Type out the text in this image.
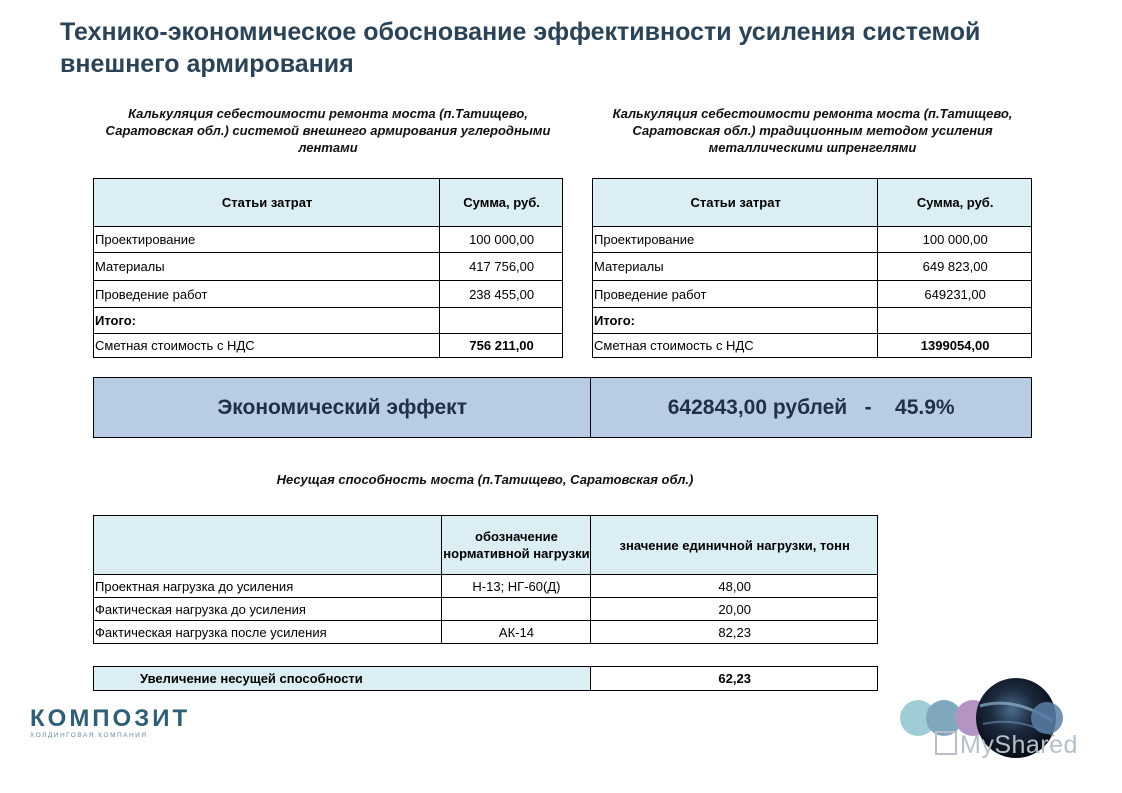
Технико-экономическое обоснование эффективности усиления системой внешнего армирования
Калькуляция себестоимости ремонта моста (п.Татищево, Саратовская обл.) системой внешнего армирования углеродными лентами
Калькуляция себестоимости ремонта моста (п.Татищево, Саратовская обл.) традиционным методом усиления металлическими шпренгелями
Статьи затрат	Сумма, руб.
Проектирование	100 000,00
Материалы	417 756,00
Проведение работ	238 455,00
Итого:	
Сметная стоимость с НДС	756 211,00
Статьи затрат	Сумма, руб.
Проектирование	100 000,00
Материалы	649 823,00
Проведение работ	649231,00
Итого:	
Сметная стоимость с НДС	1399054,00
Экономический эффект	642843,00 рублей   -    45.9%
Несущая способность моста (п.Татищево, Саратовская обл.)
	обозначение нормативной нагрузки	значение единичной нагрузки, тонн
Проектная нагрузка до усиления	Н-13; НГ-60(Д)	48,00
Фактическая нагрузка до усиления		20,00
Фактическая нагрузка после усиления	АК-14	82,23
Увеличение несущей способности	62,23
КОМПОЗИТ
ХОЛДИНГОВАЯ КОМПАНИЯ	MyShared
